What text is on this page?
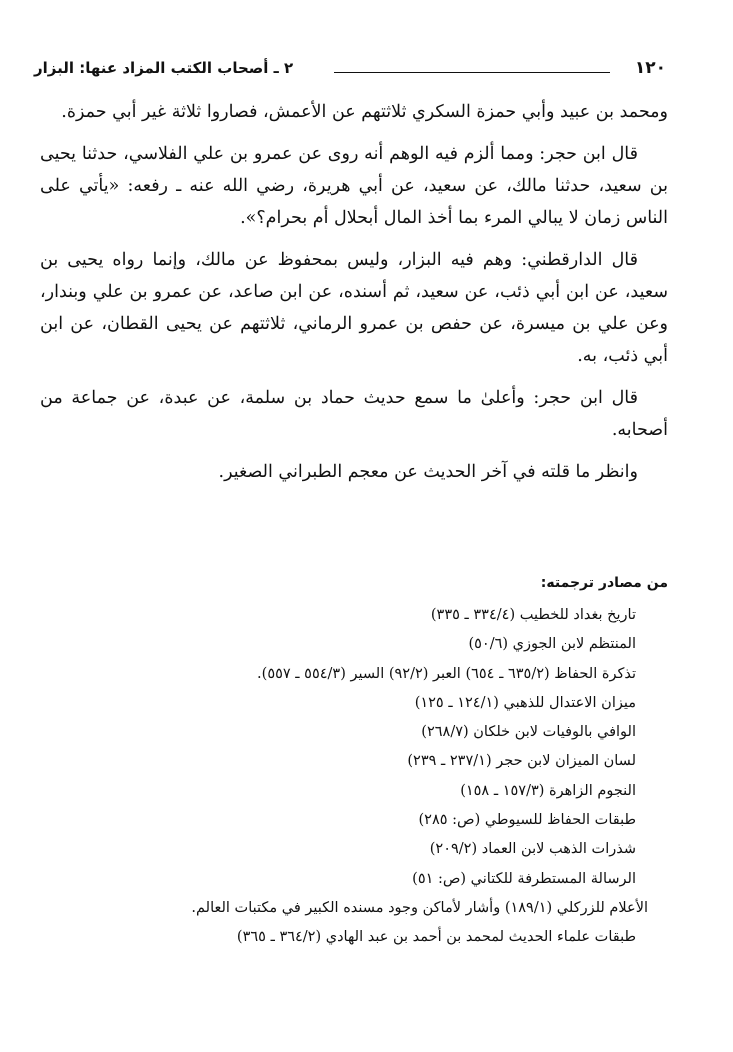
١٢٠
٢ ـ أصحاب الكتب المزاد عنها: البزار

ومحمد بن عبيد وأبي حمزة السكري ثلاثتهم عن الأعمش، فصاروا ثلاثة غير أبي حمزة.

قال ابن حجر: ومما ألزم فيه الوهم أنه روى عن عمرو بن علي الفلاسي، حدثنا يحيى بن سعيد، حدثنا مالك، عن سعيد، عن أبي هريرة، رضي الله عنه ـ رفعه: «يأتي على الناس زمان لا يبالي المرء بما أخذ المال أبحلال أم بحرام؟».

قال الدارقطني: وهم فيه البزار، وليس بمحفوظ عن مالك، وإنما رواه يحيى بن سعيد، عن ابن أبي ذئب، عن سعيد، ثم أسنده، عن ابن صاعد، عن عمرو بن علي وبندار، وعن علي بن ميسرة، عن حفص بن عمرو الرماني، ثلاثتهم عن يحيى القطان، عن ابن أبي ذئب، به.

قال ابن حجر: وأعلىٰ ما سمع حديث حماد بن سلمة، عن عبدة، عن جماعة من أصحابه.

وانظر ما قلته في آخر الحديث عن معجم الطبراني الصغير.

من مصادر ترجمته:

تاريخ بغداد للخطيب (٣٣٤/٤ ـ ٣٣٥)
المنتظم لابن الجوزي (٥٠/٦)
تذكرة الحفاظ (٦٣٥/٢ ـ ٦٥٤) العبر (٩٢/٢) السير (٥٥٤/٣ ـ ٥٥٧).
ميزان الاعتدال للذهبي (١٢٤/١ ـ ١٢٥)
الوافي بالوفيات لابن خلكان (٢٦٨/٧)
لسان الميزان لابن حجر (٢٣٧/١ ـ ٢٣٩)
النجوم الزاهرة (١٥٧/٣ ـ ١٥٨)
طبقات الحفاظ للسيوطي (ص: ٢٨٥)
شذرات الذهب لابن العماد (٢٠٩/٢)
الرسالة المستطرفة للكتاني (ص: ٥١)
الأعلام للزركلي (١٨٩/١) وأشار لأماكن وجود مسنده الكبير في مكتبات العالم.
طبقات علماء الحديث لمحمد بن أحمد بن عبد الهادي (٣٦٤/٢ ـ ٣٦٥)
